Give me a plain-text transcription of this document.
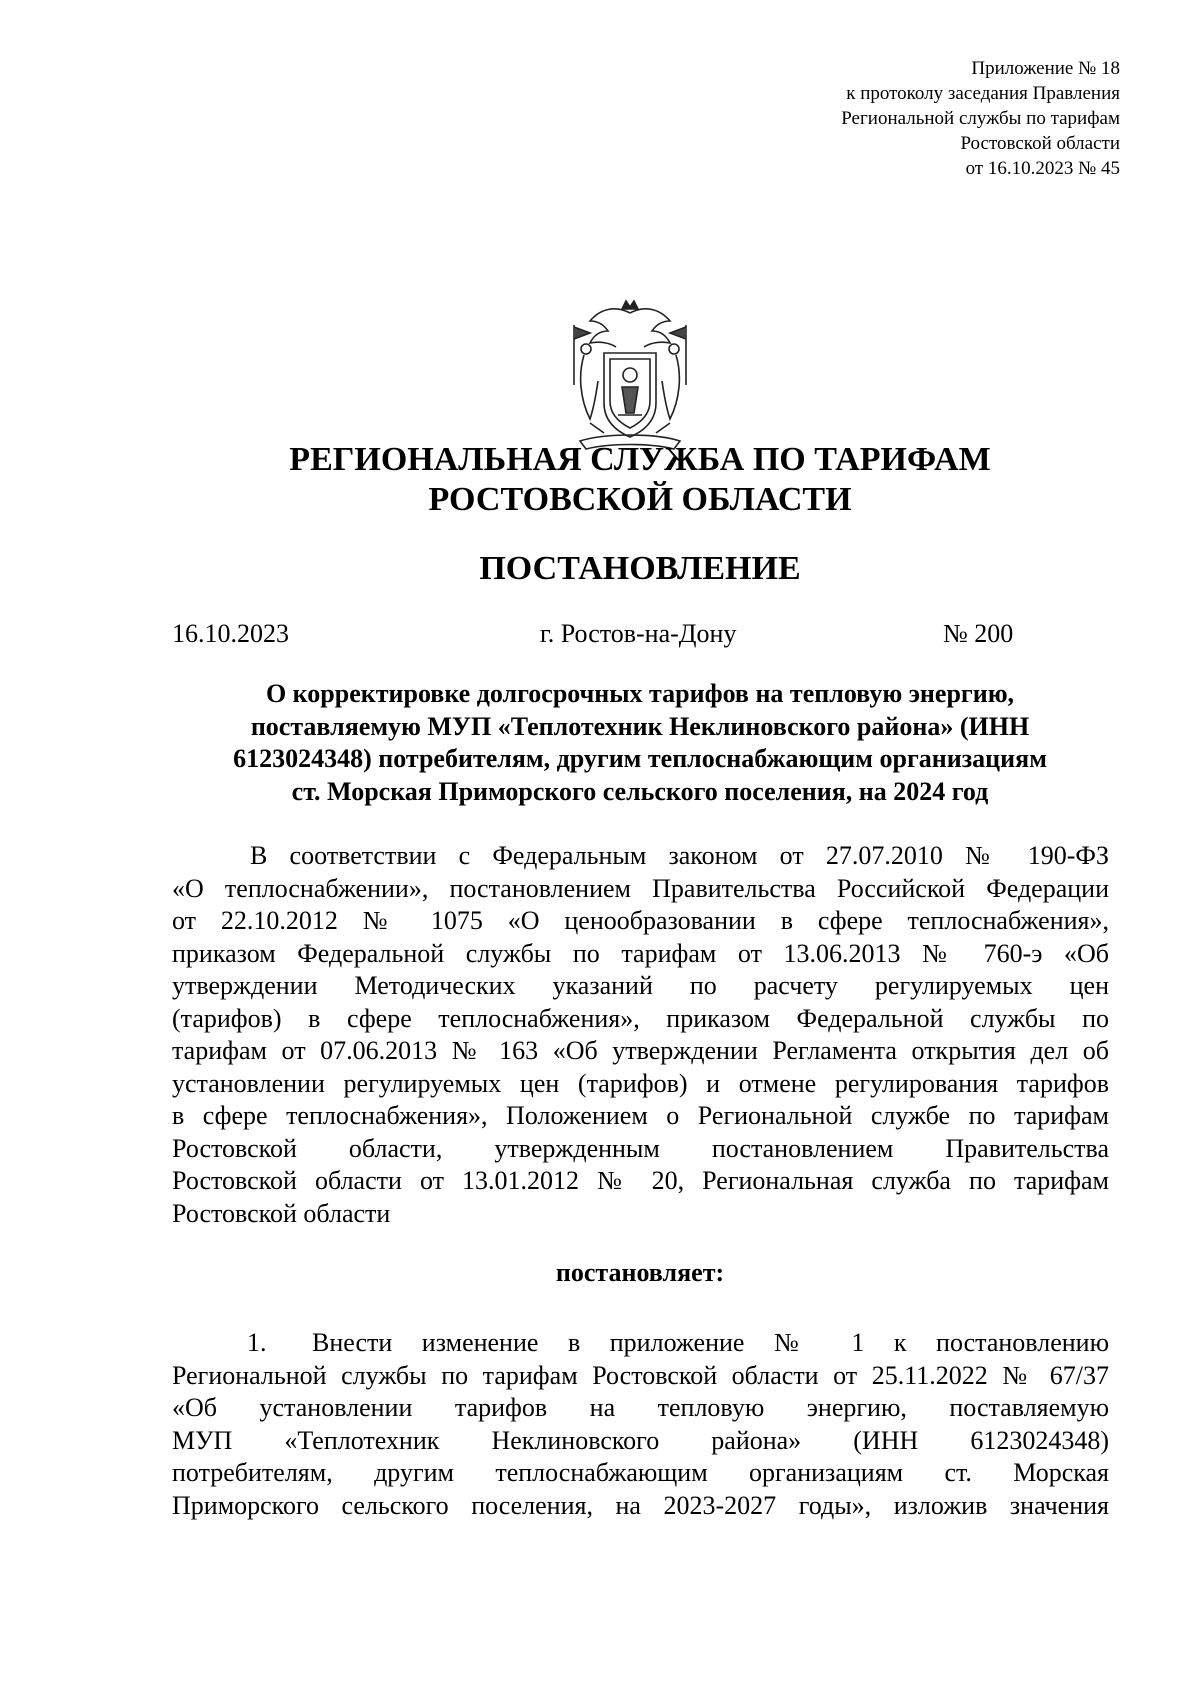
Приложение № 18
к протоколу заседания Правления
Региональной службы по тарифам
Ростовской области
от 16.10.2023 № 45
РЕГИОНАЛЬНАЯ СЛУЖБА ПО ТАРИФАМ
РОСТОВСКОЙ ОБЛАСТИ
ПОСТАНОВЛЕНИЕ
16.10.2023	г. Ростов-на-Дону	№ 200
О корректировке долгосрочных тарифов на тепловую энергию,
поставляемую МУП «Теплотехник Неклиновского района» (ИНН
6123024348) потребителям, другим теплоснабжающим организациям
ст. Морская Приморского сельского поселения, на 2024 год
В соответствии с Федеральным законом от 27.07.2010 № 190-ФЗ
«О теплоснабжении», постановлением Правительства Российской Федерации
от 22.10.2012 № 1075 «О ценообразовании в сфере теплоснабжения»,
приказом Федеральной службы по тарифам от 13.06.2013 № 760-э «Об
утверждении Методических указаний по расчету регулируемых цен
(тарифов) в сфере теплоснабжения», приказом Федеральной службы по
тарифам от 07.06.2013 № 163 «Об утверждении Регламента открытия дел об
установлении регулируемых цен (тарифов) и отмене регулирования тарифов
в сфере теплоснабжения», Положением о Региональной службе по тарифам
Ростовской области, утвержденным постановлением Правительства
Ростовской области от 13.01.2012 № 20, Региональная служба по тарифам
Ростовской области
постановляет:
1.	Внести изменение в приложение № 1 к постановлению
Региональной службы по тарифам Ростовской области от 25.11.2022 № 67/37
«Об установлении тарифов на тепловую энергию, поставляемую
МУП «Теплотехник Неклиновского района» (ИНН 6123024348)
потребителям, другим теплоснабжающим организациям ст. Морская
Приморского сельского поселения, на 2023-2027 годы», изложив значения
